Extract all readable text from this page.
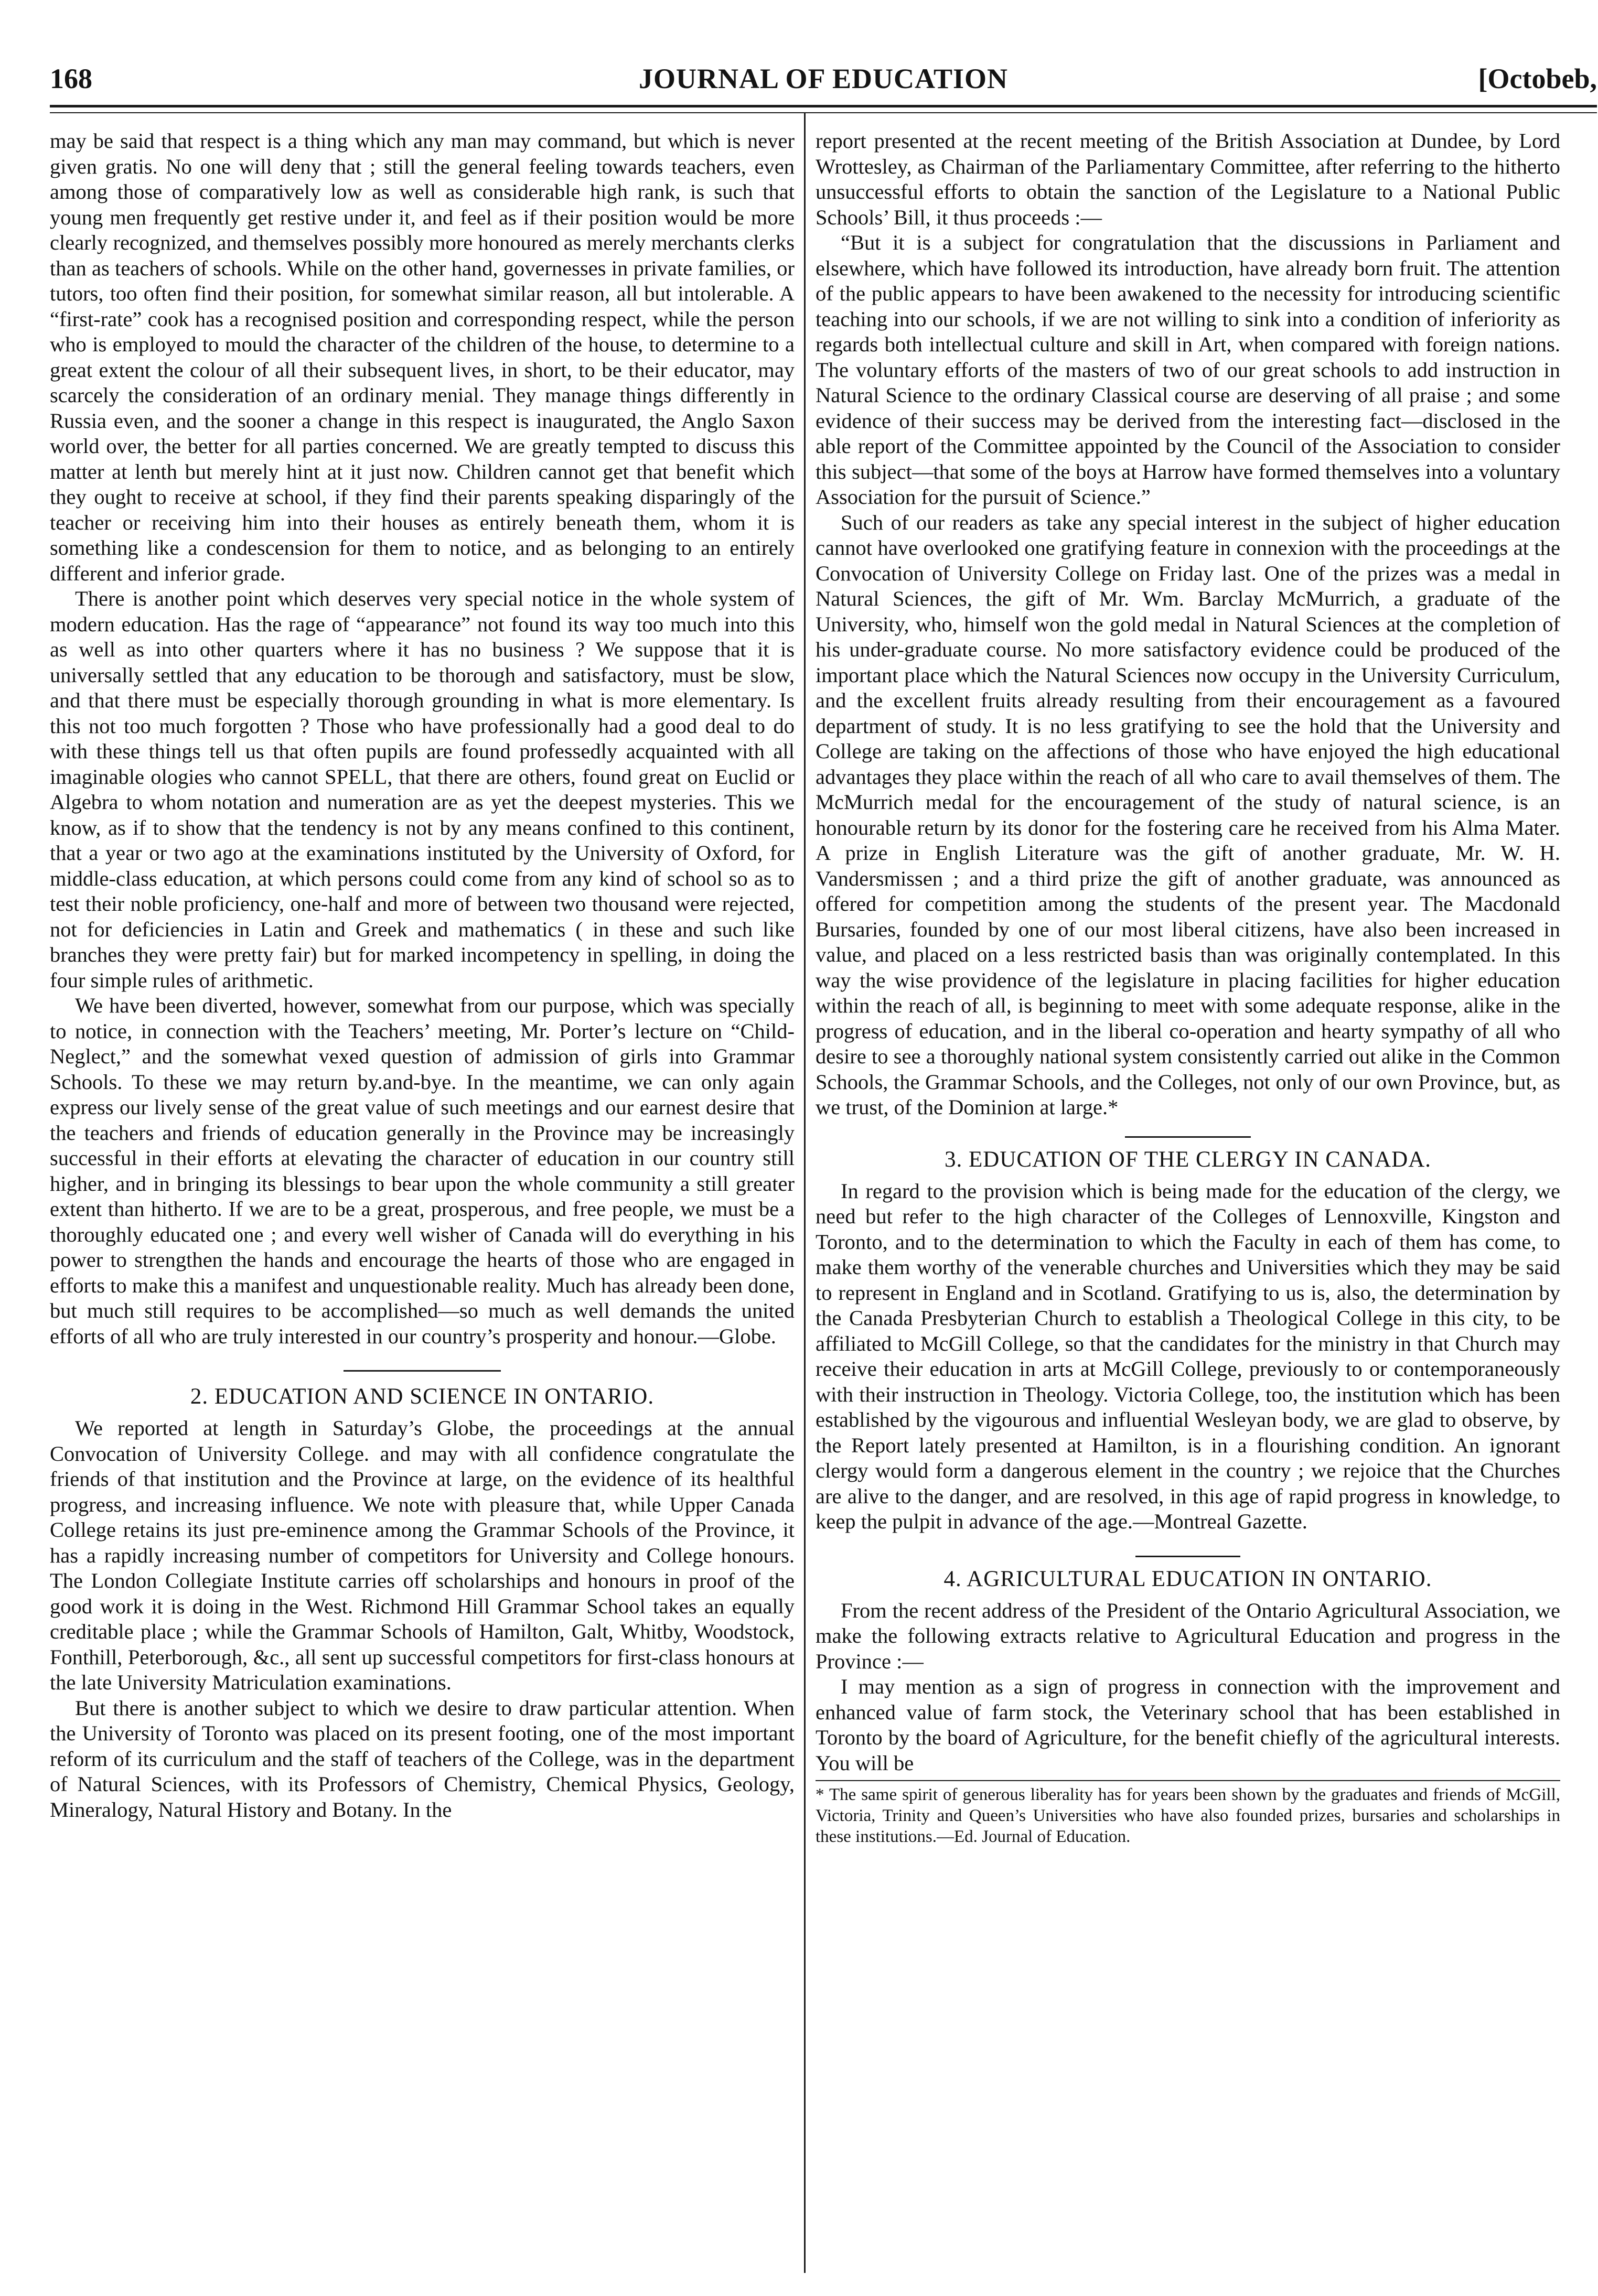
168	JOURNAL OF EDUCATION	[Octobeb,

may be said that respect is a thing which any man may command, but which is never given gratis. No one will deny that ; still the general feeling towards teachers, even among those of comparatively low as well as considerable high rank, is such that young men frequently get restive under it, and feel as if their position would be more clearly recognized, and themselves possibly more honoured as merely merchants clerks than as teachers of schools. While on the other hand, governesses in private families, or tutors, too often find their position, for somewhat similar reason, all but intolerable. A “first-rate” cook has a recognised position and corresponding respect, while the person who is employed to mould the character of the children of the house, to determine to a great extent the colour of all their subsequent lives, in short, to be their educator, may scarcely the consideration of an ordinary menial. They manage things differently in Russia even, and the sooner a change in this respect is inaugurated, the Anglo Saxon world over, the better for all parties concerned. We are greatly tempted to discuss this matter at lenth but merely hint at it just now. Children cannot get that benefit which they ought to receive at school, if they find their parents speaking disparingly of the teacher or receiving him into their houses as entirely beneath them, whom it is something like a condescension for them to notice, and as belonging to an entirely different and inferior grade.

There is another point which deserves very special notice in the whole system of modern education. Has the rage of “appearance” not found its way too much into this as well as into other quarters where it has no business ? We suppose that it is universally settled that any education to be thorough and satisfactory, must be slow, and that there must be especially thorough grounding in what is more elementary. Is this not too much forgotten ? Those who have professionally had a good deal to do with these things tell us that often pupils are found professedly acquainted with all imaginable ologies who cannot SPELL, that there are others, found great on Euclid or Algebra to whom notation and numeration are as yet the deepest mysteries. This we know, as if to show that the tendency is not by any means confined to this continent, that a year or two ago at the examinations instituted by the University of Oxford, for middle-class education, at which persons could come from any kind of school so as to test their noble proficiency, one-half and more of between two thousand were rejected, not for deficiencies in Latin and Greek and mathematics ( in these and such like branches they were pretty fair) but for marked incompetency in spelling, in doing the four simple rules of arithmetic.

We have been diverted, however, somewhat from our purpose, which was specially to notice, in connection with the Teachers’ meeting, Mr. Porter’s lecture on “Child-Neglect,” and the somewhat vexed question of admission of girls into Grammar Schools. To these we may return by.and-bye. In the meantime, we can only again express our lively sense of the great value of such meetings and our earnest desire that the teachers and friends of education generally in the Province may be increasingly successful in their efforts at elevating the character of education in our country still higher, and in bringing its blessings to bear upon the whole community a still greater extent than hitherto. If we are to be a great, prosperous, and free people, we must be a thoroughly educated one ; and every well wisher of Canada will do everything in his power to strengthen the hands and encourage the hearts of those who are engaged in efforts to make this a manifest and unquestionable reality. Much has already been done, but much still requires to be accomplished—so much as well demands the united efforts of all who are truly interested in our country’s prosperity and honour.—Globe.

2. EDUCATION AND SCIENCE IN ONTARIO.

We reported at length in Saturday’s Globe, the proceedings at the annual Convocation of University College. and may with all confidence congratulate the friends of that institution and the Province at large, on the evidence of its healthful progress, and increasing influence. We note with pleasure that, while Upper Canada College retains its just pre-eminence among the Grammar Schools of the Province, it has a rapidly increasing number of competitors for University and College honours. The London Collegiate Institute carries off scholarships and honours in proof of the good work it is doing in the West. Richmond Hill Grammar School takes an equally creditable place ; while the Grammar Schools of Hamilton, Galt, Whitby, Woodstock, Fonthill, Peterborough, &c., all sent up successful competitors for first-class honours at the late University Matriculation examinations.

But there is another subject to which we desire to draw particular attention. When the University of Toronto was placed on its present footing, one of the most important reform of its curriculum and the staff of teachers of the College, was in the department of Natural Sciences, with its Professors of Chemistry, Chemical Physics, Geology, Mineralogy, Natural History and Botany. In the

report presented at the recent meeting of the British Association at Dundee, by Lord Wrottesley, as Chairman of the Parliamentary Committee, after referring to the hitherto unsuccessful efforts to obtain the sanction of the Legislature to a National Public Schools’ Bill, it thus proceeds :—

“But it is a subject for congratulation that the discussions in Parliament and elsewhere, which have followed its introduction, have already born fruit. The attention of the public appears to have been awakened to the necessity for introducing scientific teaching into our schools, if we are not willing to sink into a condition of inferiority as regards both intellectual culture and skill in Art, when compared with foreign nations. The voluntary efforts of the masters of two of our great schools to add instruction in Natural Science to the ordinary Classical course are deserving of all praise ; and some evidence of their success may be derived from the interesting fact—disclosed in the able report of the Committee appointed by the Council of the Association to consider this subject—that some of the boys at Harrow have formed themselves into a voluntary Association for the pursuit of Science.”

Such of our readers as take any special interest in the subject of higher education cannot have overlooked one gratifying feature in connexion with the proceedings at the Convocation of University College on Friday last. One of the prizes was a medal in Natural Sciences, the gift of Mr. Wm. Barclay McMurrich, a graduate of the University, who, himself won the gold medal in Natural Sciences at the completion of his under-graduate course. No more satisfactory evidence could be produced of the important place which the Natural Sciences now occupy in the University Curriculum, and the excellent fruits already resulting from their encouragement as a favoured department of study. It is no less gratifying to see the hold that the University and College are taking on the affections of those who have enjoyed the high educational advantages they place within the reach of all who care to avail themselves of them. The McMurrich medal for the encouragement of the study of natural science, is an honourable return by its donor for the fostering care he received from his Alma Mater. A prize in English Literature was the gift of another graduate, Mr. W. H. Vandersmissen ; and a third prize the gift of another graduate, was announced as offered for competition among the students of the present year. The Macdonald Bursaries, founded by one of our most liberal citizens, have also been increased in value, and placed on a less restricted basis than was originally contemplated. In this way the wise providence of the legislature in placing facilities for higher education within the reach of all, is beginning to meet with some adequate response, alike in the progress of education, and in the liberal co-operation and hearty sympathy of all who desire to see a thoroughly national system consistently carried out alike in the Common Schools, the Grammar Schools, and the Colleges, not only of our own Province, but, as we trust, of the Dominion at large.*

3. EDUCATION OF THE CLERGY IN CANADA.

In regard to the provision which is being made for the education of the clergy, we need but refer to the high character of the Colleges of Lennoxville, Kingston and Toronto, and to the determination to which the Faculty in each of them has come, to make them worthy of the venerable churches and Universities which they may be said to represent in England and in Scotland. Gratifying to us is, also, the determination by the Canada Presbyterian Church to establish a Theological College in this city, to be affiliated to McGill College, so that the candidates for the ministry in that Church may receive their education in arts at McGill College, previously to or contemporaneously with their instruction in Theology. Victoria College, too, the institution which has been established by the vigourous and influential Wesleyan body, we are glad to observe, by the Report lately presented at Hamilton, is in a flourishing condition. An ignorant clergy would form a dangerous element in the country ; we rejoice that the Churches are alive to the danger, and are resolved, in this age of rapid progress in knowledge, to keep the pulpit in advance of the age.—Montreal Gazette.

4. AGRICULTURAL EDUCATION IN ONTARIO.

From the recent address of the President of the Ontario Agricultural Association, we make the following extracts relative to Agricultural Education and progress in the Province :—

I may mention as a sign of progress in connection with the improvement and enhanced value of farm stock, the Veterinary school that has been established in Toronto by the board of Agriculture, for the benefit chiefly of the agricultural interests. You will be

* The same spirit of generous liberality has for years been shown by the graduates and friends of McGill, Victoria, Trinity and Queen’s Universities who have also founded prizes, bursaries and scholarships in these institutions.—Ed. Journal of Education.
